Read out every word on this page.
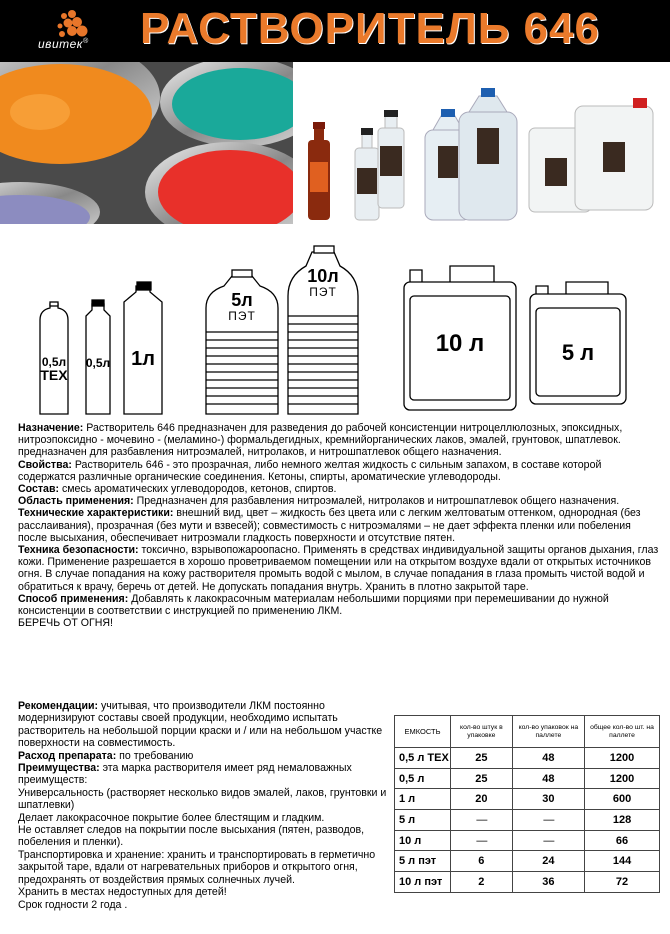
ивитек® РАСТВОРИТЕЛЬ 646
0,5л
ТЕХ
0,5л	1л
5л
ПЭТ
10л
ПЭТ
10 л	5 л

Назначение: Растворитель 646 предназначен для разведения до рабочей консистенции нитроцеллюлозных, эпоксидных, нитроэпоксидно - мочевино - (меламино-) формальдегидных, кремнийорганических лаков, эмалей, грунтовок, шпатлевок. предназначен для разбавления нитроэмалей, нитролаков, и нитрошпатлевок общего назначения.

Свойства: Растворитель 646 - это прозрачная, либо немного желтая жидкость с сильным запахом, в составе которой содержатся различные органические соединения. Кетоны, спирты, ароматические углеводороды.

Состав: смесь ароматических углеводородов, кетонов, спиртов.

Область применения: Предназначен для разбавления нитроэмалей, нитролаков и нитрошпатлевок общего назначения.

Технические характеристики: внешний вид, цвет – жидкость без цвета или с легким желтоватым оттенком, однородная (без расслаивания), прозрачная (без мути и взвесей); совместимость с нитроэмалями – не дает эффекта пленки или побеления после высыхания, обеспечивает нитроэмали гладкость поверхности и отсутствие пятен.

Техника безопасности: токсично, взрывопожароопасно. Применять в средствах индивидуальной защиты органов дыхания, глаз кожи. Применение разрешается в хорошо проветриваемом помещении или на открытом воздухе вдали от открытых источников огня. В случае попадания на кожу растворителя промыть водой с мылом, в случае попадания в глаза промыть чистой водой и обратиться к врачу, беречь от детей. Не допускать попадания внутрь. Хранить в плотно закрытой таре.

Способ применения: Добавлять к лакокрасочным материалам небольшими порциями при перемешивании до нужной консистенции в соответствии с инструкцией по применению ЛКМ.

БЕРЕЧЬ ОТ ОГНЯ!

Рекомендации: учитывая, что производители ЛКМ постоянно модернизируют составы своей продукции, необходимо испытать растворитель на небольшой порции краски и / или на небольшом участке поверхности на совместимость.

Расход препарата: по требованию

Преимущества: эта марка растворителя имеет ряд немаловажных преимуществ:

Универсальность (растворяет несколько видов эмалей, лаков, грунтовки и шпатлевки)

Делает лакокрасочное покрытие более блестящим и гладким.

Не оставляет следов на покрытии после высыхания (пятен, разводов, побеления и пленки).

Транспортировка и хранение: хранить и транспортировать в герметично закрытой таре, вдали от нагревательных приборов и открытого огня, предохранять от воздействия прямых солнечных лучей.

Хранить в местах недоступных для детей!

Срок годности 2 года .

ЕМКОСТЬ	кол-во штук в упаковке	кол-во упаковок на паллете	общее кол-во шт. на паллете
0,5 л ТЕХ	25	48	1200
0,5 л	25	48	1200
1 л	20	30	600
5 л	—	—	128
10 л	—	—	66
5 л пэт	6	24	144
10 л пэт	2	36	72
